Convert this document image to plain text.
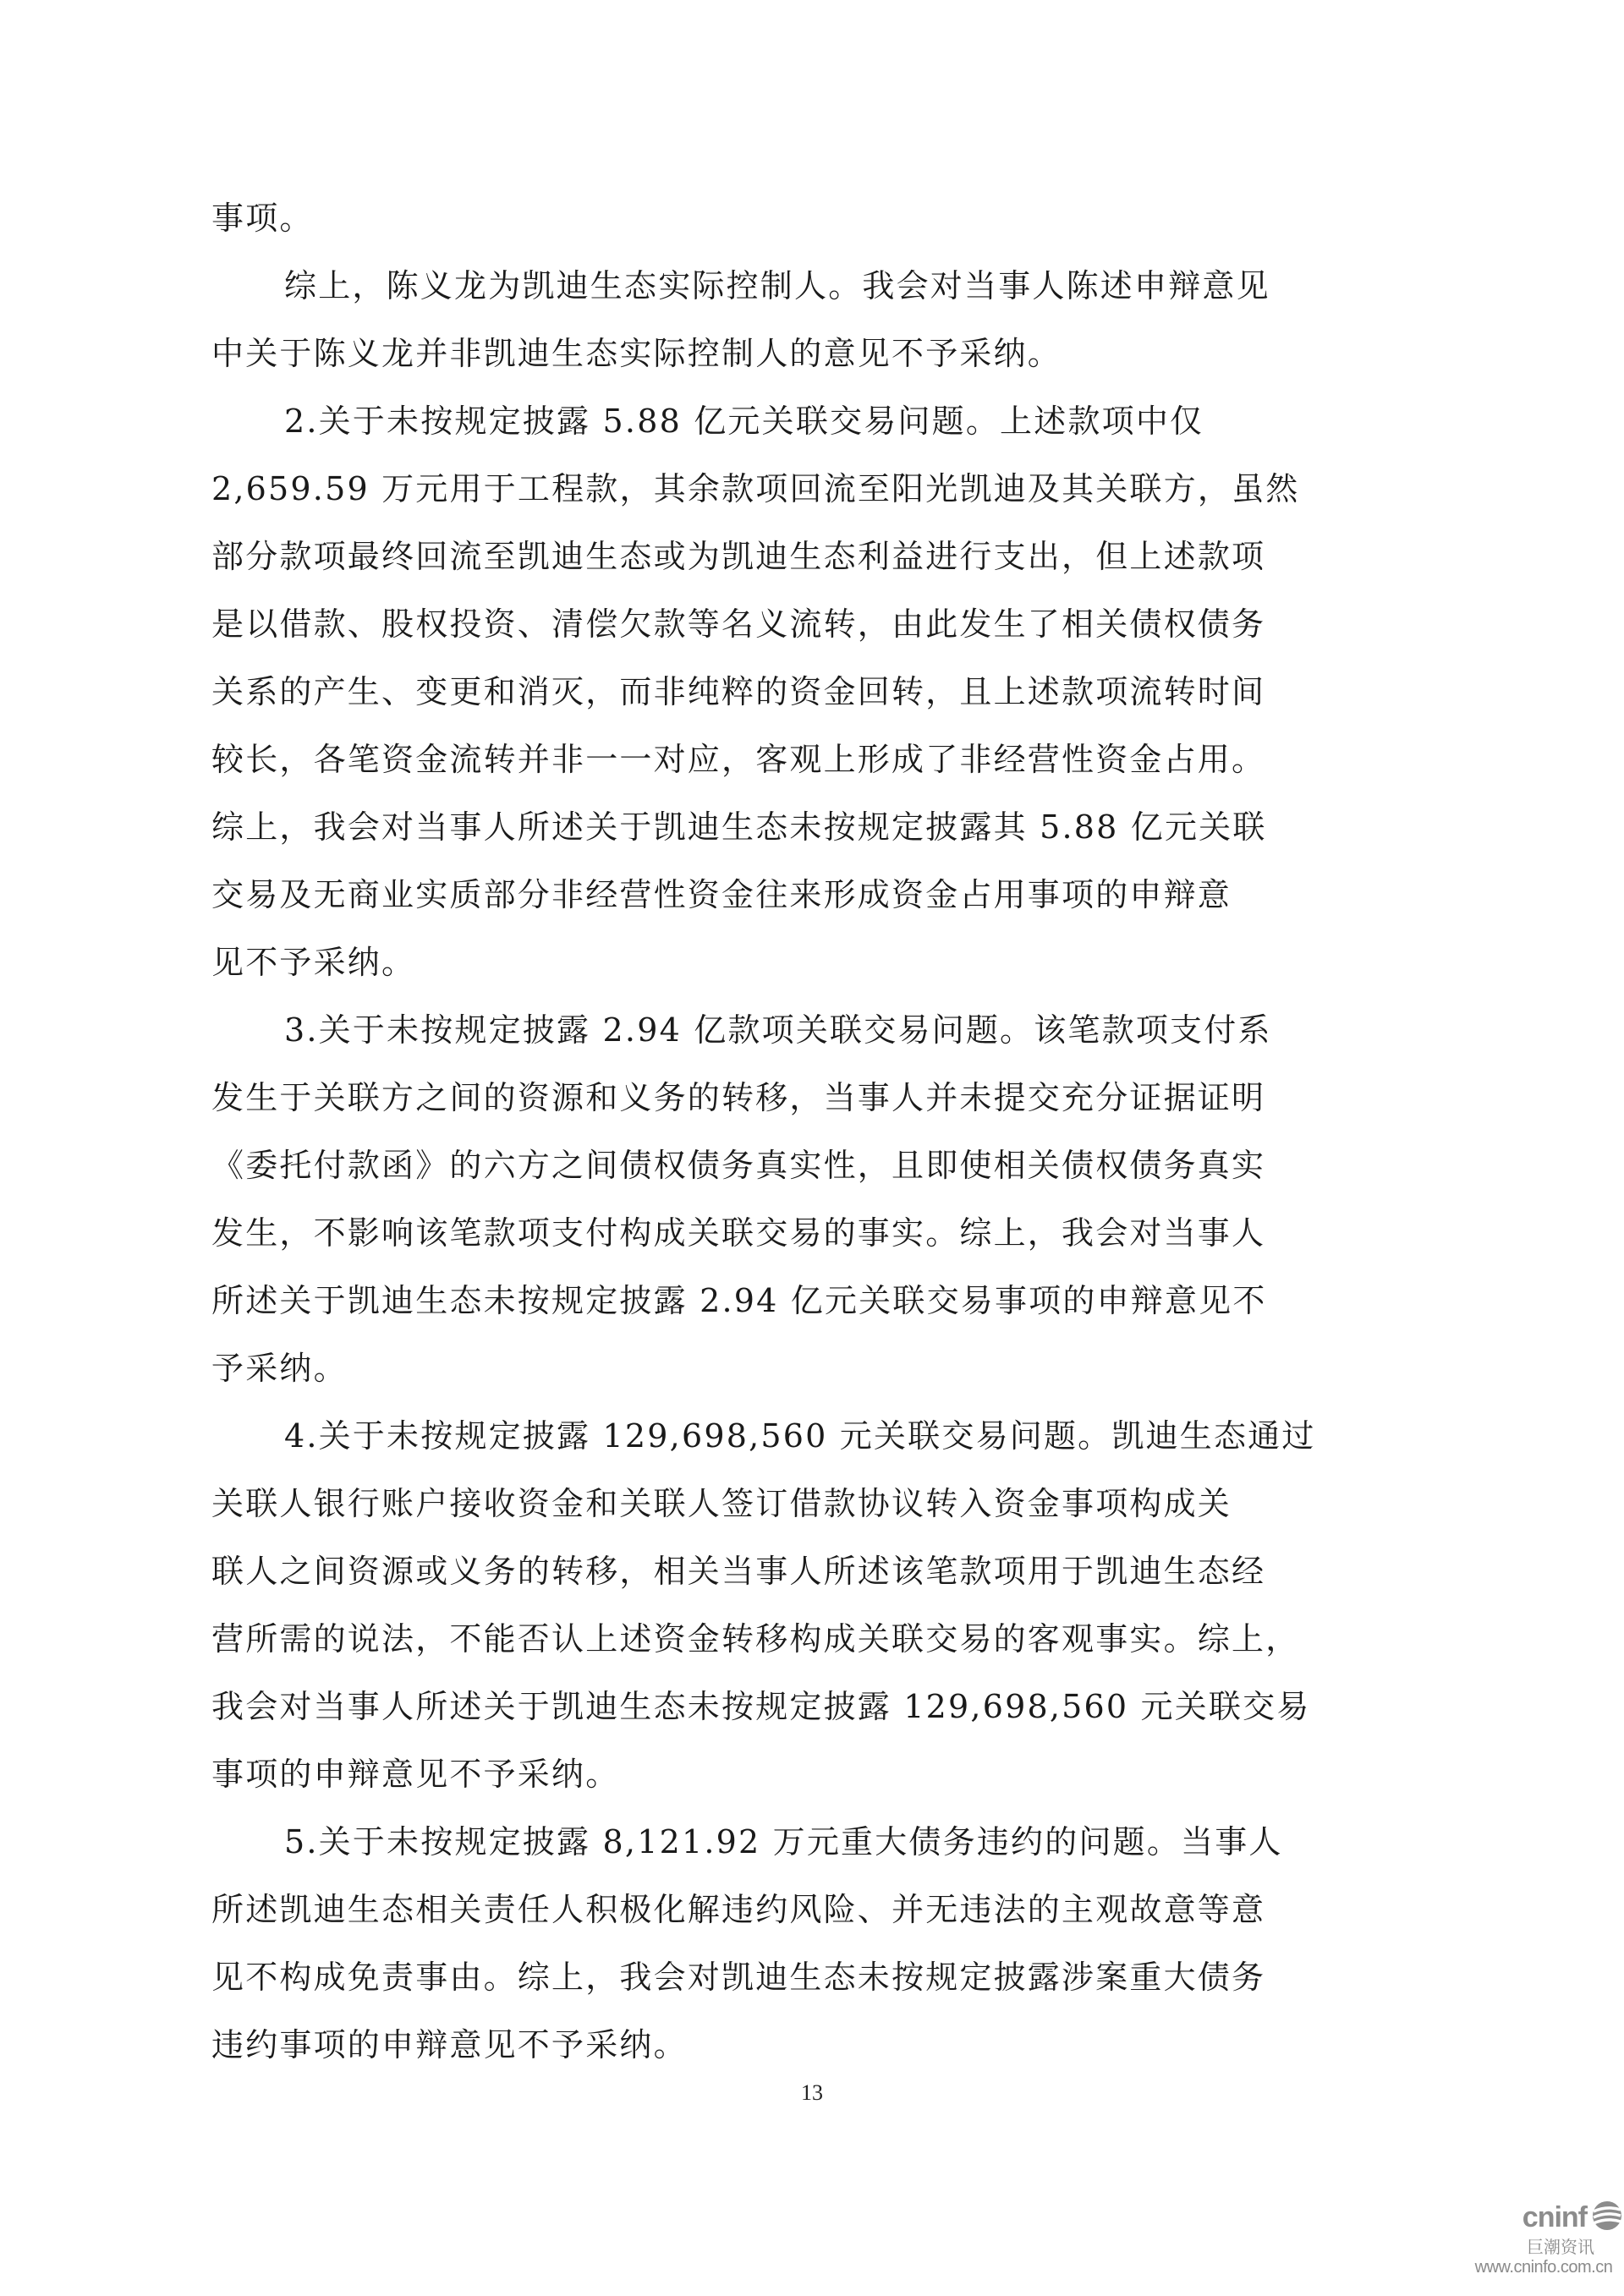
事项。
综上，陈义龙为凯迪生态实际控制人。我会对当事人陈述申辩意见
中关于陈义龙并非凯迪生态实际控制人的意见不予采纳。
2.关于未按规定披露 5.88 亿元关联交易问题。上述款项中仅
2,659.59 万元用于工程款，其余款项回流至阳光凯迪及其关联方，虽然
部分款项最终回流至凯迪生态或为凯迪生态利益进行支出，但上述款项
是以借款、股权投资、清偿欠款等名义流转，由此发生了相关债权债务
关系的产生、变更和消灭，而非纯粹的资金回转，且上述款项流转时间
较长，各笔资金流转并非一一对应，客观上形成了非经营性资金占用。
综上，我会对当事人所述关于凯迪生态未按规定披露其 5.88 亿元关联
交易及无商业实质部分非经营性资金往来形成资金占用事项的申辩意
见不予采纳。
3.关于未按规定披露 2.94 亿款项关联交易问题。该笔款项支付系
发生于关联方之间的资源和义务的转移，当事人并未提交充分证据证明
《委托付款函》的六方之间债权债务真实性，且即使相关债权债务真实
发生，不影响该笔款项支付构成关联交易的事实。综上，我会对当事人
所述关于凯迪生态未按规定披露 2.94 亿元关联交易事项的申辩意见不
予采纳。
4.关于未按规定披露 129,698,560 元关联交易问题。凯迪生态通过
关联人银行账户接收资金和关联人签订借款协议转入资金事项构成关
联人之间资源或义务的转移，相关当事人所述该笔款项用于凯迪生态经
营所需的说法，不能否认上述资金转移构成关联交易的客观事实。综上，
我会对当事人所述关于凯迪生态未按规定披露 129,698,560 元关联交易
事项的申辩意见不予采纳。
5.关于未按规定披露 8,121.92 万元重大债务违约的问题。当事人
所述凯迪生态相关责任人积极化解违约风险、并无违法的主观故意等意
见不构成免责事由。综上，我会对凯迪生态未按规定披露涉案重大债务
违约事项的申辩意见不予采纳。
13
cninf
巨潮资讯
www.cninfo.com.cn
